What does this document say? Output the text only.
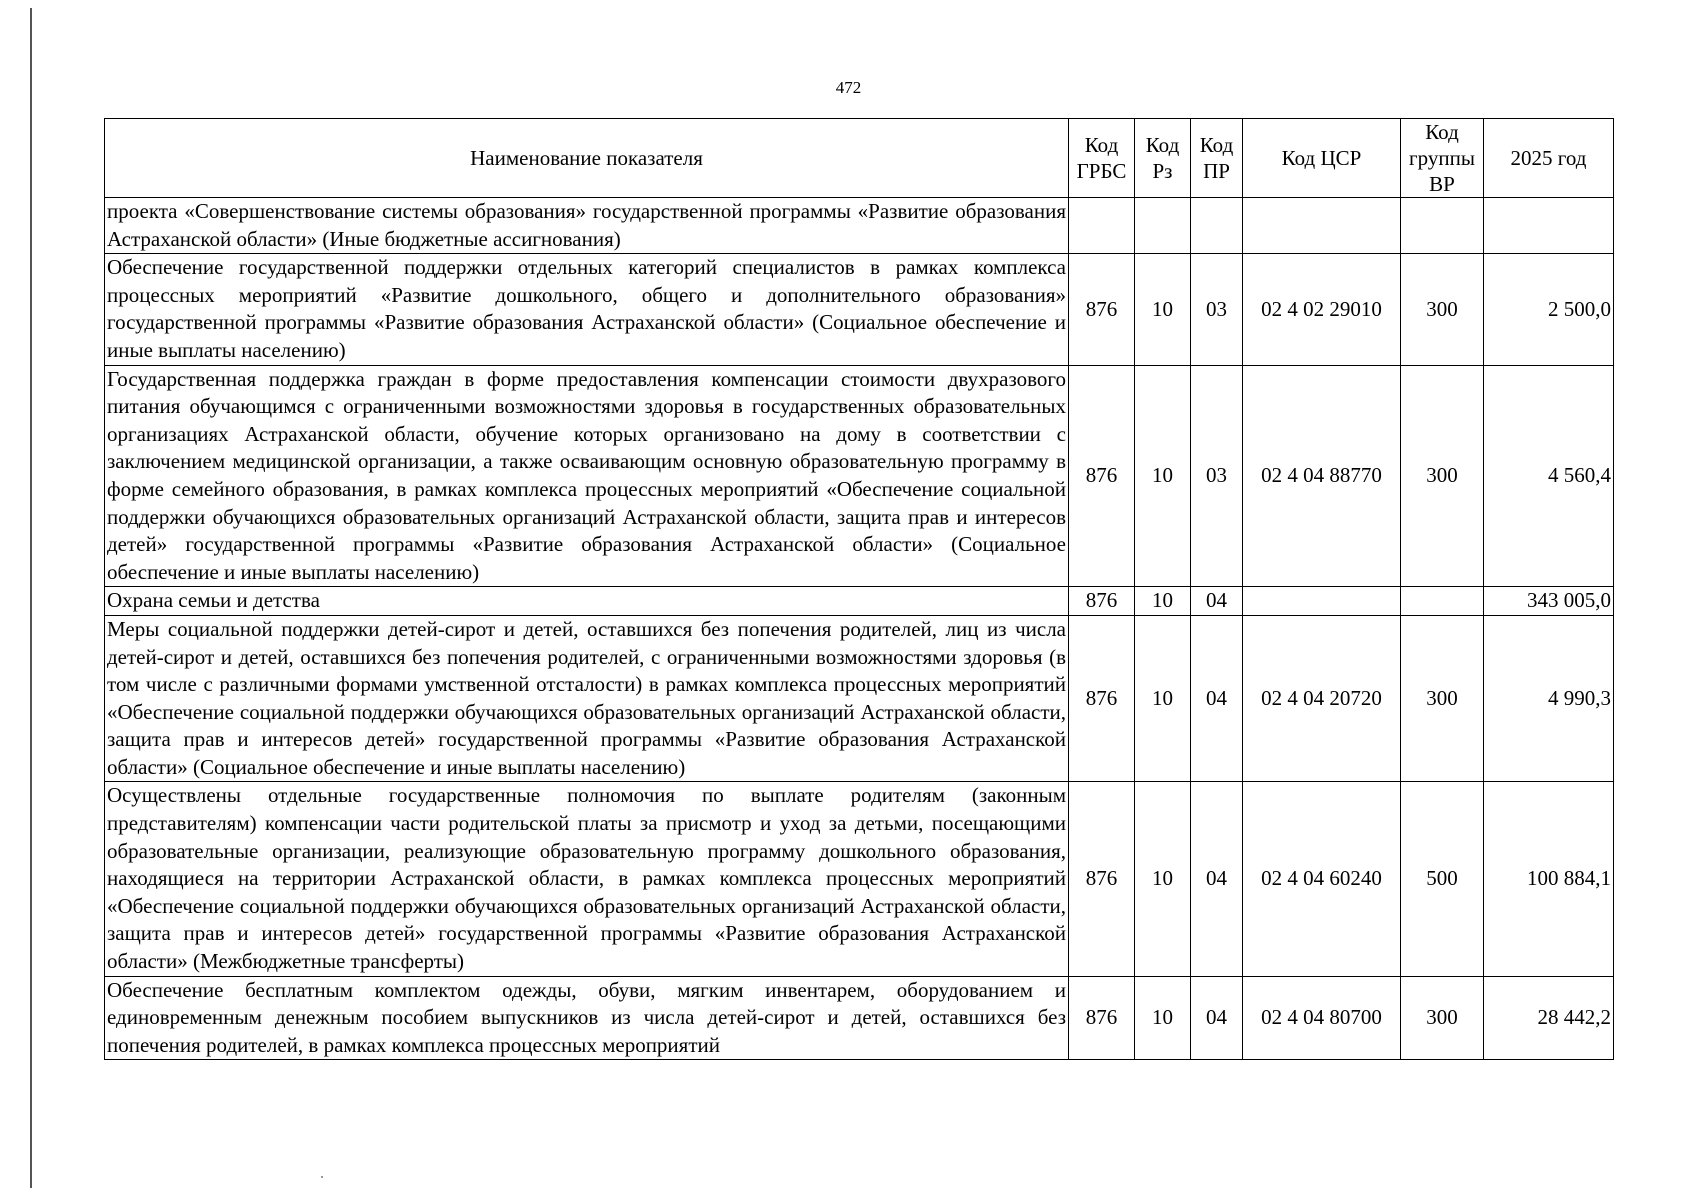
472
Наименование показателя	Код ГРБС	Код Рз	Код ПР	Код ЦСР	Код группы ВР	2025 год
проекта «Совершенствование системы образования» государственной программы «Развитие образования Астраханской области» (Иные бюджетные ассигнования)						
Обеспечение государственной поддержки отдельных категорий специалистов в рамках комплекса процессных мероприятий «Развитие дошкольного, общего и дополнительного образования» государственной программы «Развитие образования Астраханской области» (Социальное обеспечение и иные выплаты населению)	876	10	03	02 4 02 29010	300	2 500,0
Государственная поддержка граждан в форме предоставления компенсации стоимости двухразового питания обучающимся с ограниченными возможностями здоровья в государственных образовательных организациях Астраханской области, обучение которых организовано на дому в соответствии с заключением медицинской организации, а также осваивающим основную образовательную программу в форме семейного образования, в рамках комплекса процессных мероприятий «Обеспечение социальной поддержки обучающихся образовательных организаций Астраханской области, защита прав и интересов детей» государственной программы «Развитие образования Астраханской области» (Социальное обеспечение и иные выплаты населению)	876	10	03	02 4 04 88770	300	4 560,4
Охрана семьи и детства	876	10	04			343 005,0
Меры социальной поддержки детей-сирот и детей, оставшихся без попечения родителей, лиц из числа детей-сирот и детей, оставшихся без попечения родителей, с ограниченными возможностями здоровья (в том числе с различными формами умственной отсталости) в рамках комплекса процессных мероприятий «Обеспечение социальной поддержки обучающихся образовательных организаций Астраханской области, защита прав и интересов детей» государственной программы «Развитие образования Астраханской области» (Социальное обеспечение и иные выплаты населению)	876	10	04	02 4 04 20720	300	4 990,3
Осуществлены отдельные государственные полномочия по выплате родителям (законным представителям) компенсации части родительской платы за присмотр и уход за детьми, посещающими образовательные организации, реализующие образовательную программу дошкольного образования, находящиеся на территории Астраханской области, в рамках комплекса процессных мероприятий «Обеспечение социальной поддержки обучающихся образовательных организаций Астраханской области, защита прав и интересов детей» государственной программы «Развитие образования Астраханской области» (Межбюджетные трансферты)	876	10	04	02 4 04 60240	500	100 884,1
Обеспечение бесплатным комплектом одежды, обуви, мягким инвентарем, оборудованием и единовременным денежным пособием выпускников из числа детей-сирот и детей, оставшихся без попечения родителей, в рамках комплекса процессных мероприятий	876	10	04	02 4 04 80700	300	28 442,2
